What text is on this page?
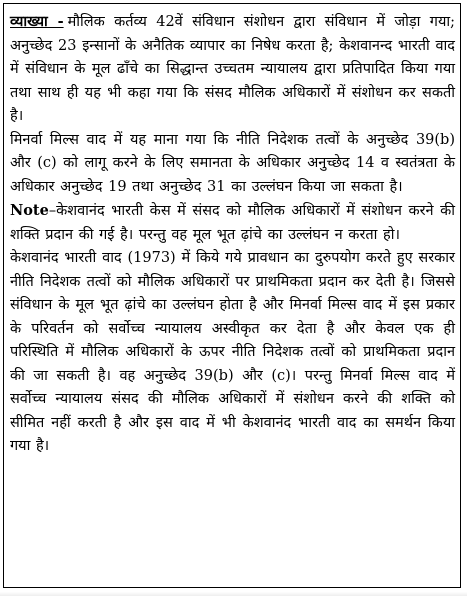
व्याख्या - मौलिक कर्तव्य 42वें संविधान संशोधन द्वारा संविधान में जोड़ा गया; अनुच्छेद 23 इन्सानों के अनैतिक व्यापार का निषेध करता है; केशवानन्द भारती वाद में संविधान के मूल ढाँचे का सिद्धान्त उच्चतम न्यायालय द्वारा प्रतिपादित किया गया तथा साथ ही यह भी कहा गया कि संसद मौलिक अधिकारों में संशोधन कर सकती है।

मिनर्वा मिल्स वाद में यह माना गया कि नीति निदेशक तत्वों के अनुच्छेद 39(b) और (c) को लागू करने के लिए समानता के अधिकार अनुच्छेद 14 व स्वतंत्रता के अधिकार अनुच्छेद 19 तथा अनुच्छेद 31 का उल्लंघन किया जा सकता है।

Note–केशवानंद भारती केस में संसद को मौलिक अधिकारों में संशोधन करने की शक्ति प्रदान की गई है। परन्तु वह मूल भूत ढ़ांचे का उल्लंघन न करता हो।

केशवानंद भारती वाद (1973) में किये गये प्रावधान का दुरुपयोग करते हुए सरकार नीति निदेशक तत्वों को मौलिक अधिकारों पर प्राथमिकता प्रदान कर देती है। जिससे संविधान के मूल भूत ढ़ांचे का उल्लंघन होता है और मिनर्वा मिल्स वाद में इस प्रकार के परिवर्तन को सर्वोच्च न्यायालय अस्वीकृत कर देता है और केवल एक ही परिस्थिति में मौलिक अधिकारों के ऊपर नीति निदेशक तत्वों को प्राथमिकता प्रदान की जा सकती है। वह अनुच्छेद 39(b) और (c)। परन्तु मिनर्वा मिल्स वाद में सर्वोच्च न्यायालय संसद की मौलिक अधिकारों में संशोधन करने की शक्ति को सीमित नहीं करती है और इस वाद में भी केशवानंद भारती वाद का समर्थन किया गया है।
